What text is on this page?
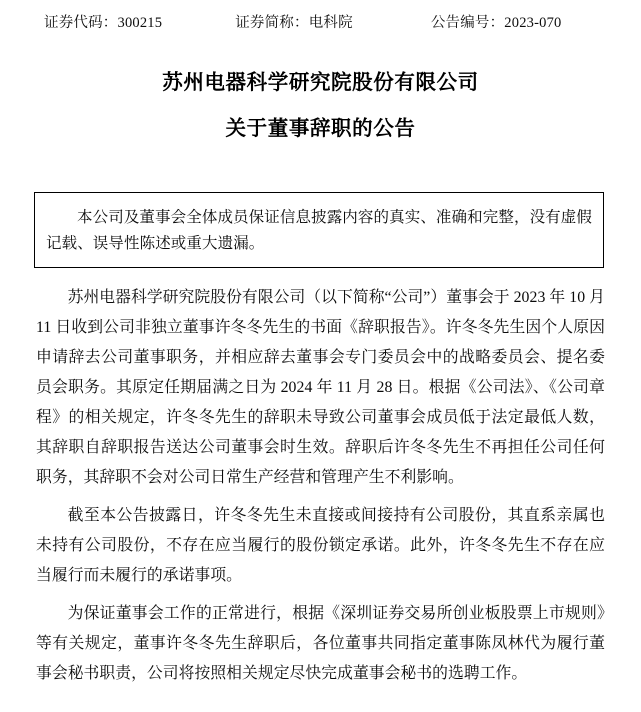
证券代码：300215	证券简称：电科院	公告编号：2023-070
苏州电器科学研究院股份有限公司
关于董事辞职的公告

本公司及董事会全体成员保证信息披露内容的真实、准确和完整，没有虚假记载、误导性陈述或重大遗漏。

苏州电器科学研究院股份有限公司（以下简称“公司”）董事会于 2023 年 10 月 11 日收到公司非独立董事许冬冬先生的书面《辞职报告》。许冬冬先生因个人原因申请辞去公司董事职务，并相应辞去董事会专门委员会中的战略委员会、提名委员会职务。其原定任期届满之日为 2024 年 11 月 28 日。根据《公司法》、《公司章程》的相关规定，许冬冬先生的辞职未导致公司董事会成员低于法定最低人数，其辞职自辞职报告送达公司董事会时生效。辞职后许冬冬先生不再担任公司任何职务，其辞职不会对公司日常生产经营和管理产生不利影响。

截至本公告披露日，许冬冬先生未直接或间接持有公司股份，其直系亲属也未持有公司股份，不存在应当履行的股份锁定承诺。此外，许冬冬先生不存在应当履行而未履行的承诺事项。

为保证董事会工作的正常进行，根据《深圳证券交易所创业板股票上市规则》等有关规定，董事许冬冬先生辞职后，各位董事共同指定董事陈凤林代为履行董事会秘书职责，公司将按照相关规定尽快完成董事会秘书的选聘工作。
